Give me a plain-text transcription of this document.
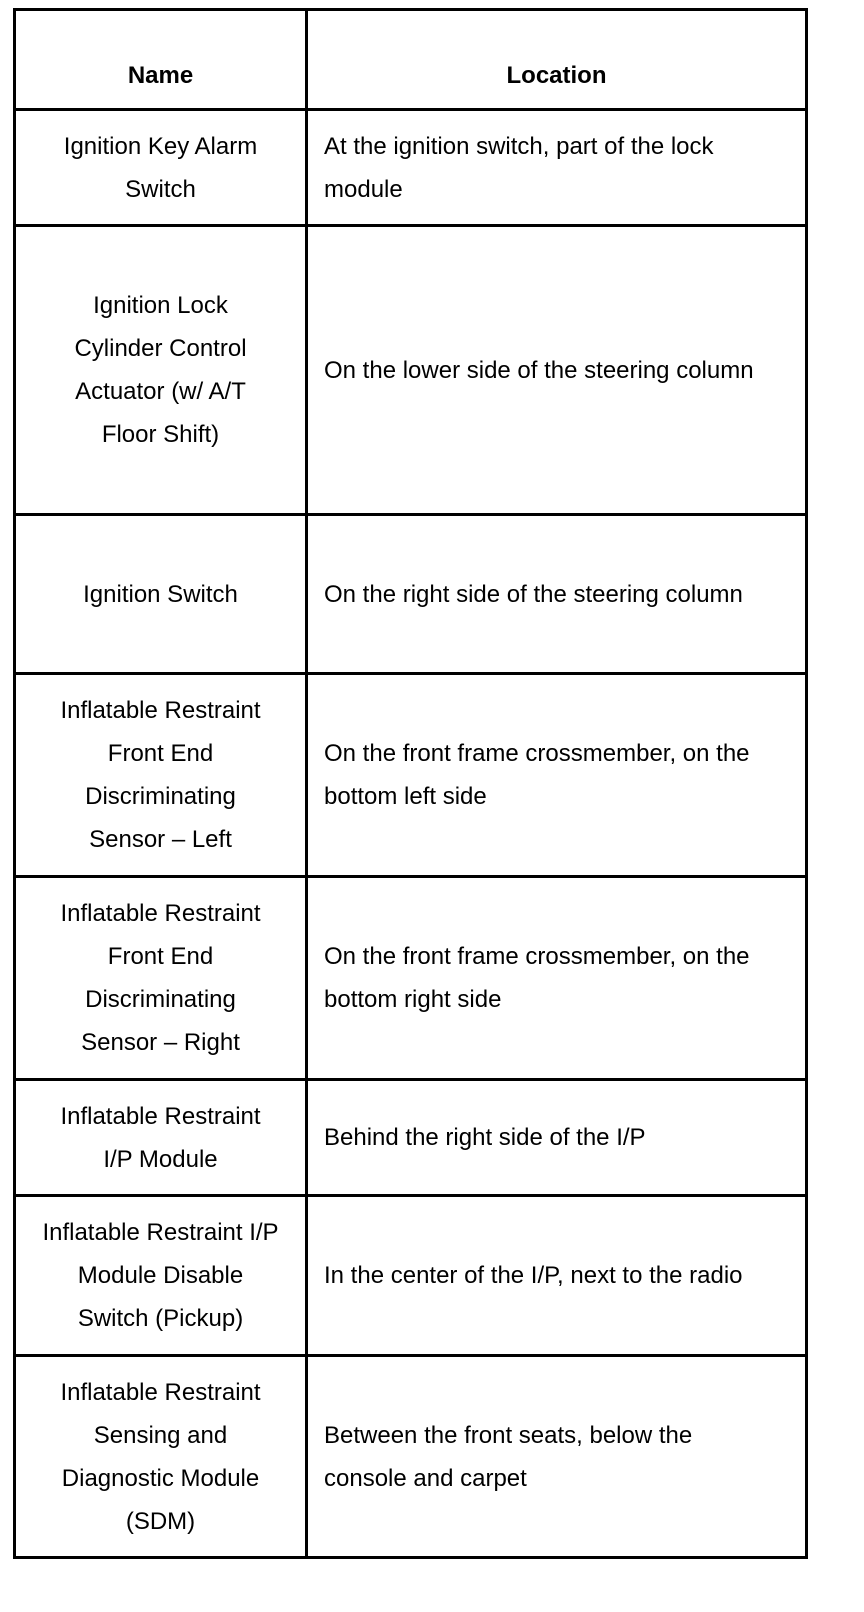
Name	Location

Ignition Key Alarm Switch	At the ignition switch, part of the lock module

Ignition Lock Cylinder Control Actuator (w/ A/T Floor Shift)	On the lower side of the steering column

Ignition Switch	On the right side of the steering column

Inflatable Restraint Front End Discriminating Sensor – Left	On the front frame crossmember, on the bottom left side

Inflatable Restraint Front End Discriminating Sensor – Right	On the front frame crossmember, on the bottom right side

Inflatable Restraint I/P Module	Behind the right side of the I/P

Inflatable Restraint I/P Module Disable Switch (Pickup)	In the center of the I/P, next to the radio

Inflatable Restraint Sensing and Diagnostic Module (SDM)	Between the front seats, below the console and carpet
